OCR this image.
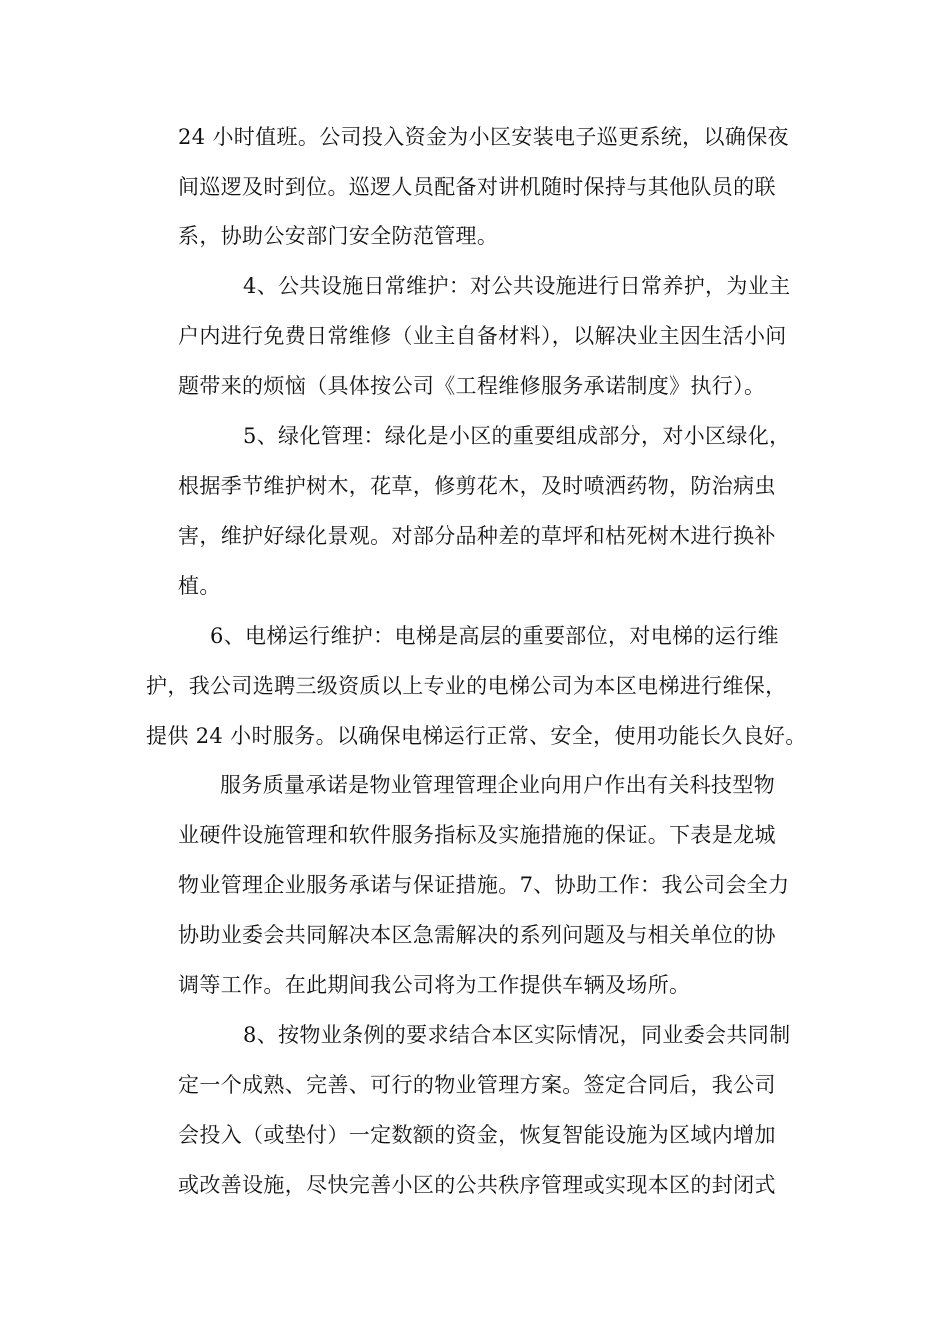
24 小时值班。公司投入资金为小区安装电子巡更系统，以确保夜
间巡逻及时到位。巡逻人员配备对讲机随时保持与其他队员的联
系，协助公安部门安全防范管理。
4、公共设施日常维护：对公共设施进行日常养护，为业主
户内进行免费日常维修（业主自备材料），以解决业主因生活小问
题带来的烦恼（具体按公司《工程维修服务承诺制度》执行）。
5、绿化管理：绿化是小区的重要组成部分，对小区绿化，
根据季节维护树木，花草，修剪花木，及时喷洒药物，防治病虫
害，维护好绿化景观。对部分品种差的草坪和枯死树木进行换补
植。
6、电梯运行维护：电梯是高层的重要部位，对电梯的运行维
护，我公司选聘三级资质以上专业的电梯公司为本区电梯进行维保，
提供 24 小时服务。以确保电梯运行正常、安全，使用功能长久良好。
服务质量承诺是物业管理管理企业向用户作出有关科技型物
业硬件设施管理和软件服务指标及实施措施的保证。下表是龙城
物业管理企业服务承诺与保证措施。7、协助工作：我公司会全力
协助业委会共同解决本区急需解决的系列问题及与相关单位的协
调等工作。在此期间我公司将为工作提供车辆及场所。
8、按物业条例的要求结合本区实际情况，同业委会共同制
定一个成熟、完善、可行的物业管理方案。签定合同后，我公司
会投入（或垫付）一定数额的资金，恢复智能设施为区域内增加
或改善设施，尽快完善小区的公共秩序管理或实现本区的封闭式
